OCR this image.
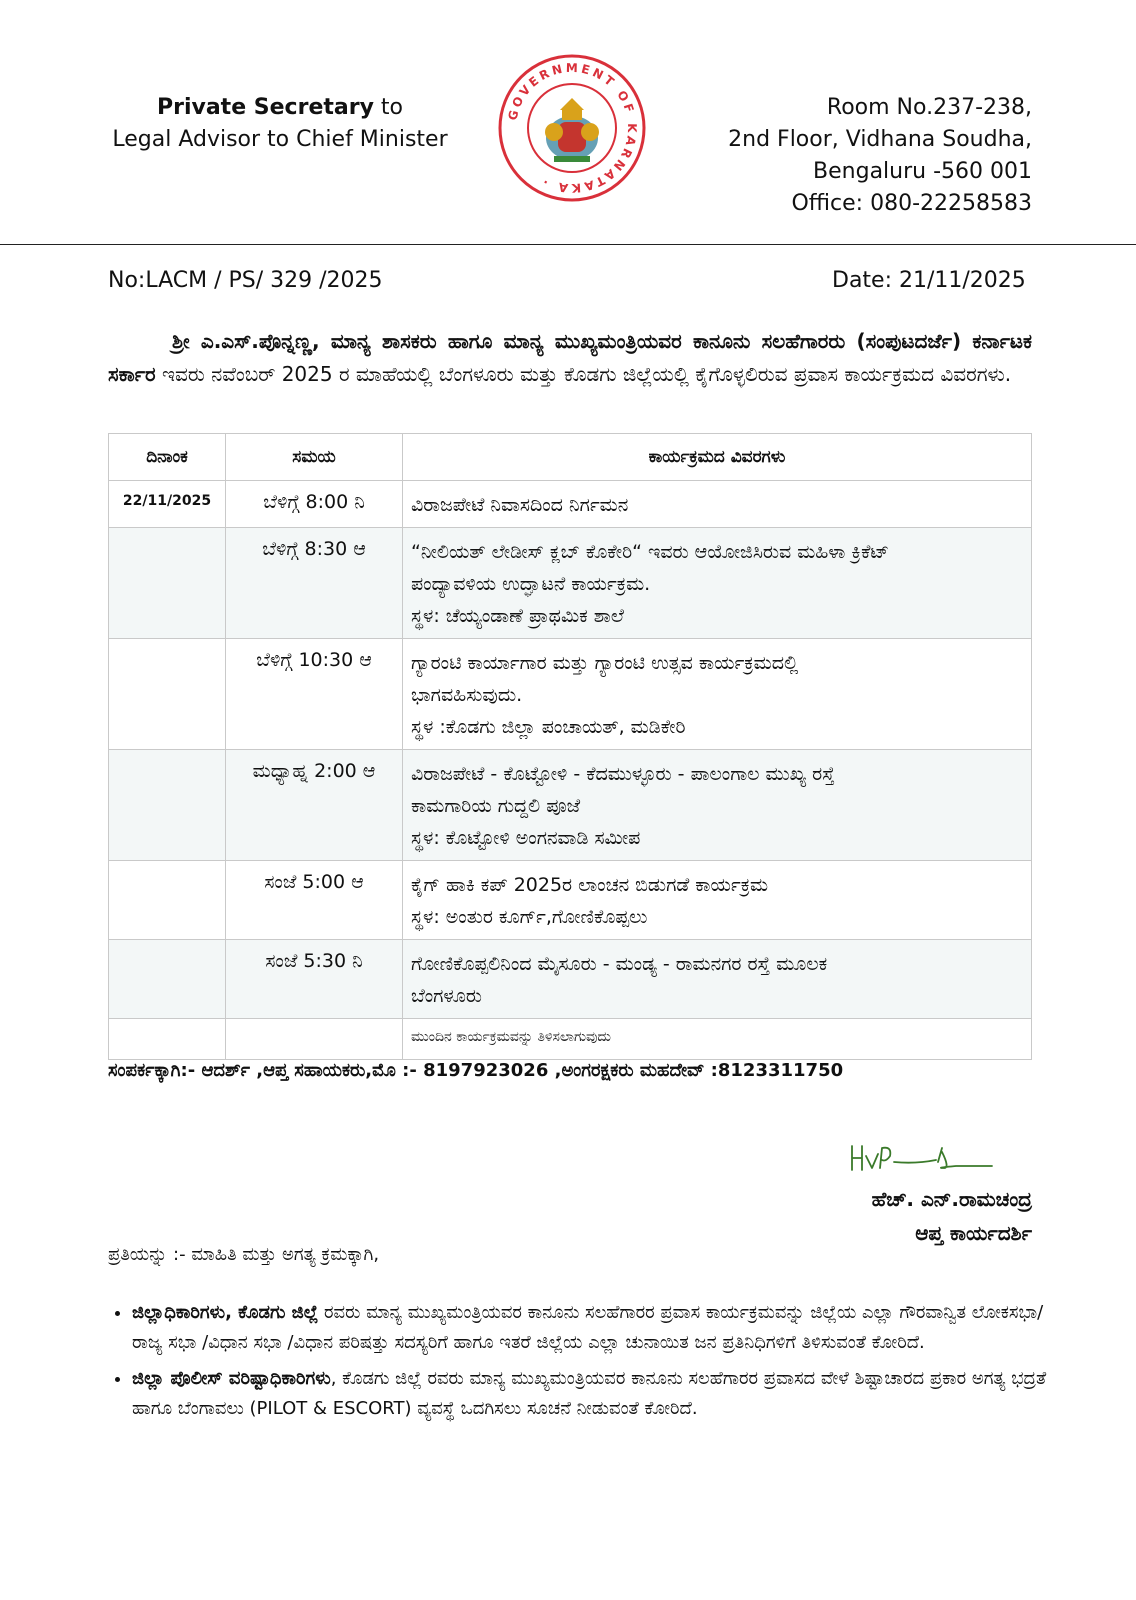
Private Secretary to
Legal Advisor to Chief Minister
GOVERNMENT OF KARNATAKA ·
Room No.237-238,
2nd Floor, Vidhana Soudha,
Bengaluru -560 001
Office: 080-22258583
No:LACM / PS/ 329 /2025	Date: 21/11/2025
ಶ್ರೀ ಎ.ಎಸ್.ಪೊನ್ನಣ್ಣ, ಮಾನ್ಯ ಶಾಸಕರು ಹಾಗೂ ಮಾನ್ಯ ಮುಖ್ಯಮಂತ್ರಿಯವರ ಕಾನೂನು ಸಲಹೆಗಾರರು (ಸಂಪುಟದರ್ಜೆ) ಕರ್ನಾಟಕ ಸರ್ಕಾರ ಇವರು ನವೆಂಬರ್ 2025 ರ ಮಾಹೆಯಲ್ಲಿ ಬೆಂಗಳೂರು ಮತ್ತು ಕೊಡಗು ಜಿಲ್ಲೆಯಲ್ಲಿ ಕೈಗೊಳ್ಳಲಿರುವ ಪ್ರವಾಸ ಕಾರ್ಯಕ್ರಮದ ವಿವರಗಳು.
ದಿನಾಂಕ	ಸಮಯ	ಕಾರ್ಯಕ್ರಮದ ವಿವರಗಳು
22/11/2025	ಬೆಳಿಗ್ಗೆ 8:00 ನಿ	ವಿರಾಜಪೇಟೆ ನಿವಾಸದಿಂದ ನಿರ್ಗಮನ

	ಬೆಳಿಗ್ಗೆ 8:30 ಆ	“ನೀಲಿಯತ್ ಲೇಡೀಸ್ ಕ್ಲಬ್ ಕೊಕೇರಿ“ ಇವರು ಆಯೋಜಿಸಿರುವ ಮಹಿಳಾ ಕ್ರಿಕೆಟ್
ಪಂದ್ಯಾವಳಿಯ ಉದ್ಘಾಟನೆ ಕಾರ್ಯಕ್ರಮ.
ಸ್ಥಳ: ಚೆಯ್ಯಂಡಾಣೆ ಪ್ರಾಥಮಿಕ ಶಾಲೆ

	ಬೆಳಿಗ್ಗೆ 10:30 ಆ	ಗ್ಯಾರಂಟಿ ಕಾರ್ಯಾಗಾರ ಮತ್ತು ಗ್ಯಾರಂಟಿ ಉತ್ಸವ ಕಾರ್ಯಕ್ರಮದಲ್ಲಿ
ಭಾಗವಹಿಸುವುದು.
ಸ್ಥಳ :ಕೊಡಗು ಜಿಲ್ಲಾ ಪಂಚಾಯತ್, ಮಡಿಕೇರಿ

	ಮಧ್ಯಾಹ್ನ 2:00 ಆ	ವಿರಾಜಪೇಟೆ - ಕೊಟ್ಟೋಳಿ - ಕೆದಮುಳ್ಳೂರು - ಪಾಲಂಗಾಲ ಮುಖ್ಯ ರಸ್ತೆ
ಕಾಮಗಾರಿಯ ಗುದ್ದಲಿ ಪೂಜೆ
ಸ್ಥಳ: ಕೊಟ್ಟೋಳಿ ಅಂಗನವಾಡಿ ಸಮೀಪ

	ಸಂಜೆ 5:00 ಆ	ಕೈಗ್ ಹಾಕಿ ಕಪ್ 2025ರ ಲಾಂಚನ ಬಿಡುಗಡೆ ಕಾರ್ಯಕ್ರಮ
ಸ್ಥಳ: ಅಂತುರ ಕೂರ್ಗ್,ಗೋಣಿಕೊಪ್ಪಲು

	ಸಂಜೆ 5:30 ನಿ	ಗೋಣಿಕೊಪ್ಪಲಿನಿಂದ ಮೈಸೂರು - ಮಂಡ್ಯ - ರಾಮನಗರ ರಸ್ತೆ ಮೂಲಕ
ಬೆಂಗಳೂರು

		ಮುಂದಿನ ಕಾರ್ಯಕ್ರಮವನ್ನು ತಿಳಿಸಲಾಗುವುದು
ಸಂಪರ್ಕಕ್ಕಾಗಿ:- ಆದರ್ಶ್ ,ಆಪ್ತ ಸಹಾಯಕರು,ಮೊ :- 8197923026 ,ಅಂಗರಕ್ಷಕರು ಮಹದೇವ್ :8123311750
ಹೆಚ್. ಎನ್.ರಾಮಚಂದ್ರ
ಆಪ್ತ ಕಾರ್ಯದರ್ಶಿ
ಪ್ರತಿಯನ್ನು :- ಮಾಹಿತಿ ಮತ್ತು ಅಗತ್ಯ ಕ್ರಮಕ್ಕಾಗಿ,
• ಜಿಲ್ಲಾಧಿಕಾರಿಗಳು, ಕೊಡಗು ಜಿಲ್ಲೆ ರವರು ಮಾನ್ಯ ಮುಖ್ಯಮಂತ್ರಿಯವರ ಕಾನೂನು ಸಲಹೆಗಾರರ ಪ್ರವಾಸ ಕಾರ್ಯಕ್ರಮವನ್ನು ಜಿಲ್ಲೆಯ ಎಲ್ಲಾ ಗೌರವಾನ್ವಿತ ಲೋಕಸಭಾ/ರಾಜ್ಯ ಸಭಾ /ವಿಧಾನ ಸಭಾ /ವಿಧಾನ ಪರಿಷತ್ತು ಸದಸ್ಯರಿಗೆ ಹಾಗೂ ಇತರೆ ಜಿಲ್ಲೆಯ ಎಲ್ಲಾ ಚುನಾಯಿತ ಜನ ಪ್ರತಿನಿಧಿಗಳಿಗೆ ತಿಳಿಸುವಂತೆ ಕೋರಿದೆ.
• ಜಿಲ್ಲಾ ಪೊಲೀಸ್ ವರಿಷ್ಟಾಧಿಕಾರಿಗಳು, ಕೊಡಗು ಜಿಲ್ಲೆ ರವರು ಮಾನ್ಯ ಮುಖ್ಯಮಂತ್ರಿಯವರ ಕಾನೂನು ಸಲಹೆಗಾರರ ಪ್ರವಾಸದ ವೇಳೆ ಶಿಷ್ಟಾಚಾರದ ಪ್ರಕಾರ ಅಗತ್ಯ ಭದ್ರತೆ ಹಾಗೂ ಬೆಂಗಾವಲು (PILOT & ESCORT) ವ್ಯವಸ್ಥೆ ಒದಗಿಸಲು ಸೂಚನೆ ನೀಡುವಂತೆ ಕೋರಿದೆ.
